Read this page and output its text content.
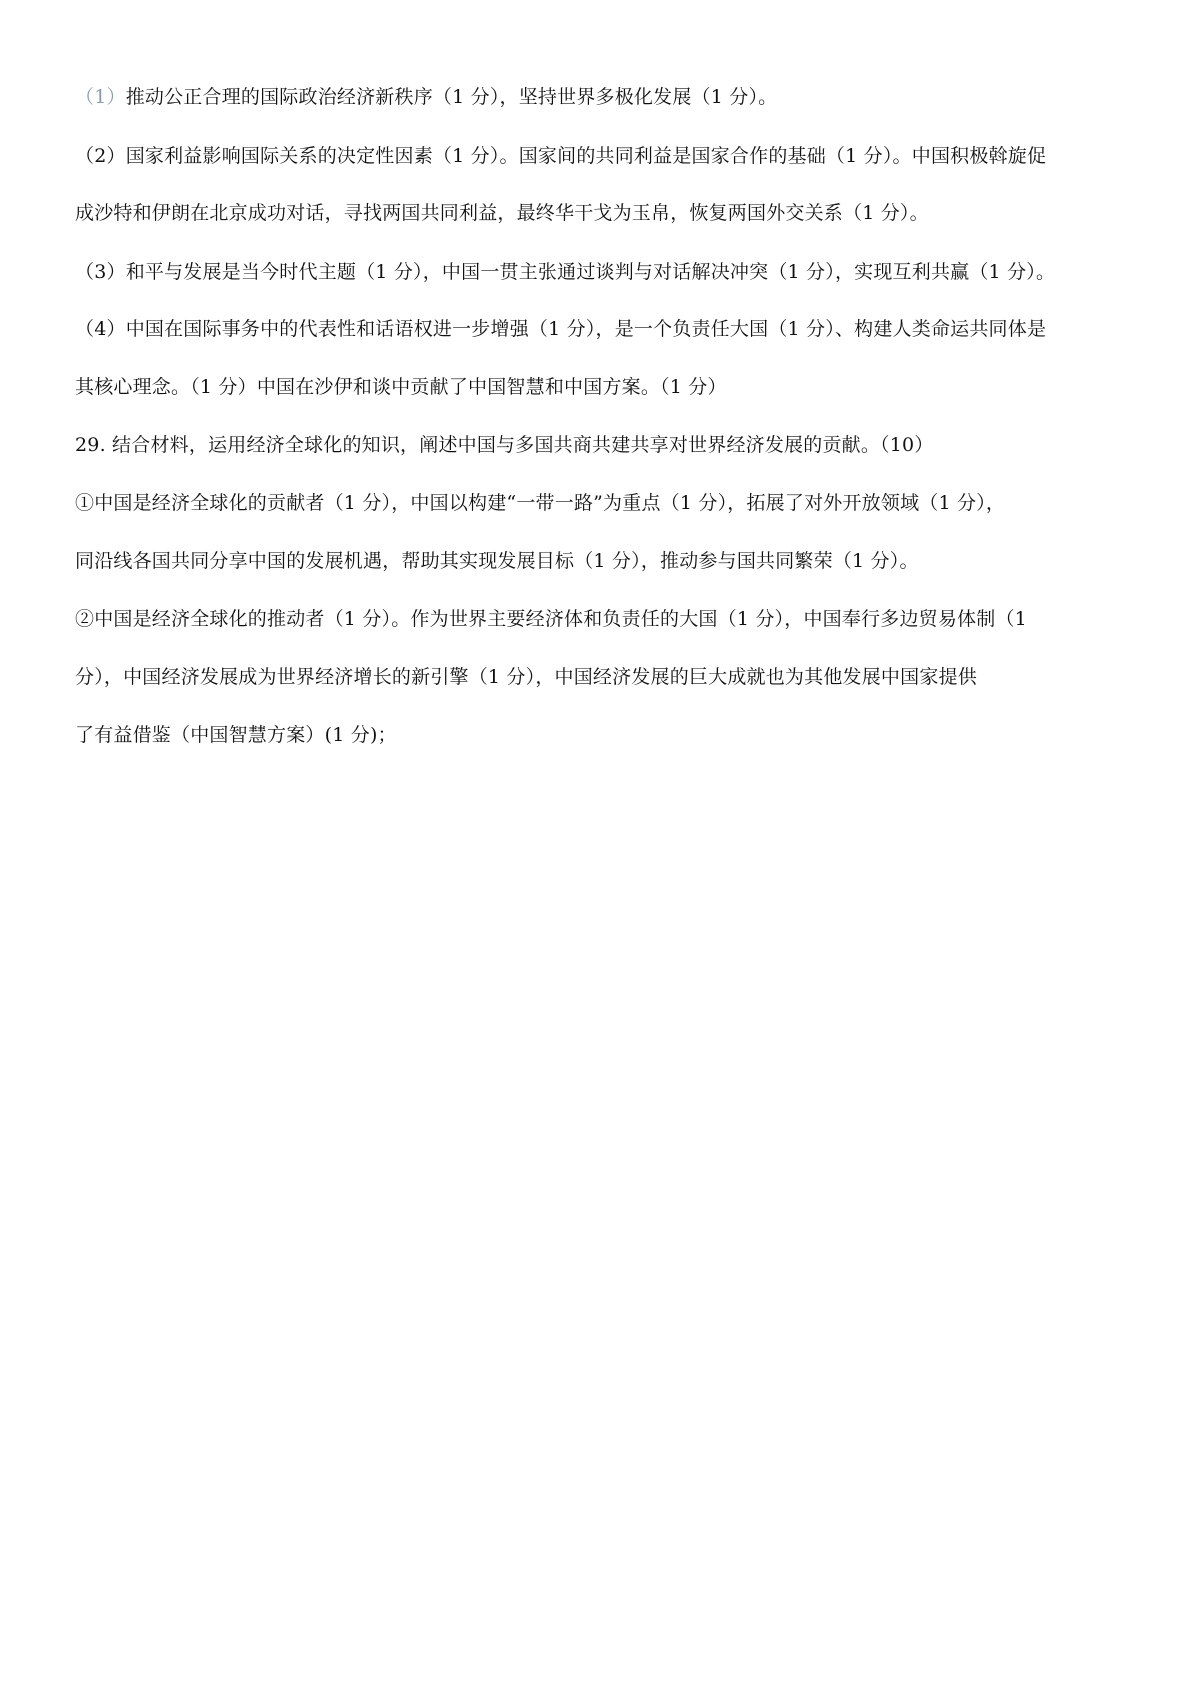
（1）推动公正合理的国际政治经济新秩序（1 分），坚持世界多极化发展（1 分）。
（2）国家利益影响国际关系的决定性因素（1 分）。国家间的共同利益是国家合作的基础（1 分）。中国积极斡旋促
成沙特和伊朗在北京成功对话，寻找两国共同利益，最终华干戈为玉帛，恢复两国外交关系（1 分）。
（3）和平与发展是当今时代主题（1 分），中国一贯主张通过谈判与对话解决冲突（1 分），实现互利共赢（1 分）。
（4）中国在国际事务中的代表性和话语权进一步增强（1 分），是一个负责任大国（1 分）、构建人类命运共同体是
其核心理念。（1 分）中国在沙伊和谈中贡献了中国智慧和中国方案。（1 分）
29. 结合材料，运用经济全球化的知识，阐述中国与多国共商共建共享对世界经济发展的贡献。（10）
①中国是经济全球化的贡献者（1 分），中国以构建“一带一路”为重点（1 分），拓展了对外开放领域（1 分），
同沿线各国共同分享中国的发展机遇，帮助其实现发展目标（1 分），推动参与国共同繁荣（1 分）。
②中国是经济全球化的推动者（1 分）。作为世界主要经济体和负责任的大国（1 分），中国奉行多边贸易体制（1
分），中国经济发展成为世界经济增长的新引擎（1 分），中国经济发展的巨大成就也为其他发展中国家提供
了有益借鉴（中国智慧方案）(1 分)；
